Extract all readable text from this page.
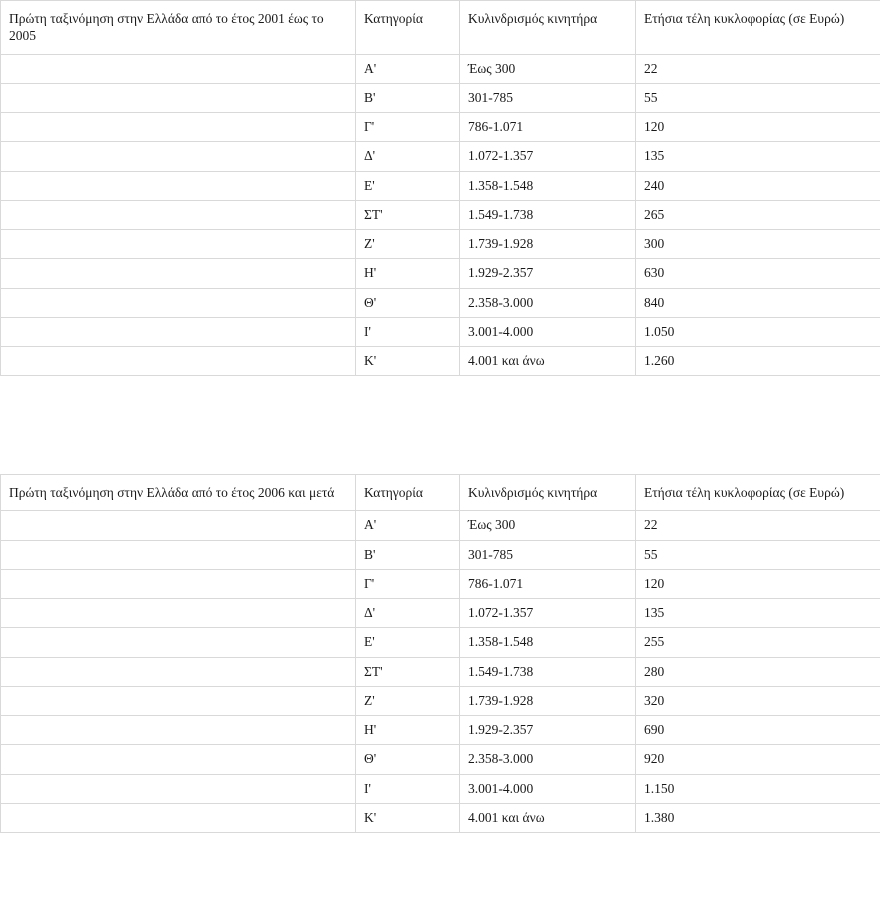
Πρώτη ταξινόμηση στην Ελλάδα από το έτος 2001 έως το 2005	Κατηγορία	Κυλινδρισμός κινητήρα	Ετήσια τέλη κυκλοφορίας (σε Ευρώ)
	Α'	Έως 300	22
	Β'	301-785	55
	Γ'	786-1.071	120
	Δ'	1.072-1.357	135
	Ε'	1.358-1.548	240
	ΣΤ'	1.549-1.738	265
	Ζ'	1.739-1.928	300
	Η'	1.929-2.357	630
	Θ'	2.358-3.000	840
	Ι'	3.001-4.000	1.050
	Κ'	4.001 και άνω	1.260
Πρώτη ταξινόμηση στην Ελλάδα από το έτος 2006 και μετά	Κατηγορία	Κυλινδρισμός κινητήρα	Ετήσια τέλη κυκλοφορίας (σε Ευρώ)
	Α'	Έως 300	22
	Β'	301-785	55
	Γ'	786-1.071	120
	Δ'	1.072-1.357	135
	Ε'	1.358-1.548	255
	ΣΤ'	1.549-1.738	280
	Ζ'	1.739-1.928	320
	Η'	1.929-2.357	690
	Θ'	2.358-3.000	920
	Ι'	3.001-4.000	1.150
	Κ'	4.001 και άνω	1.380
